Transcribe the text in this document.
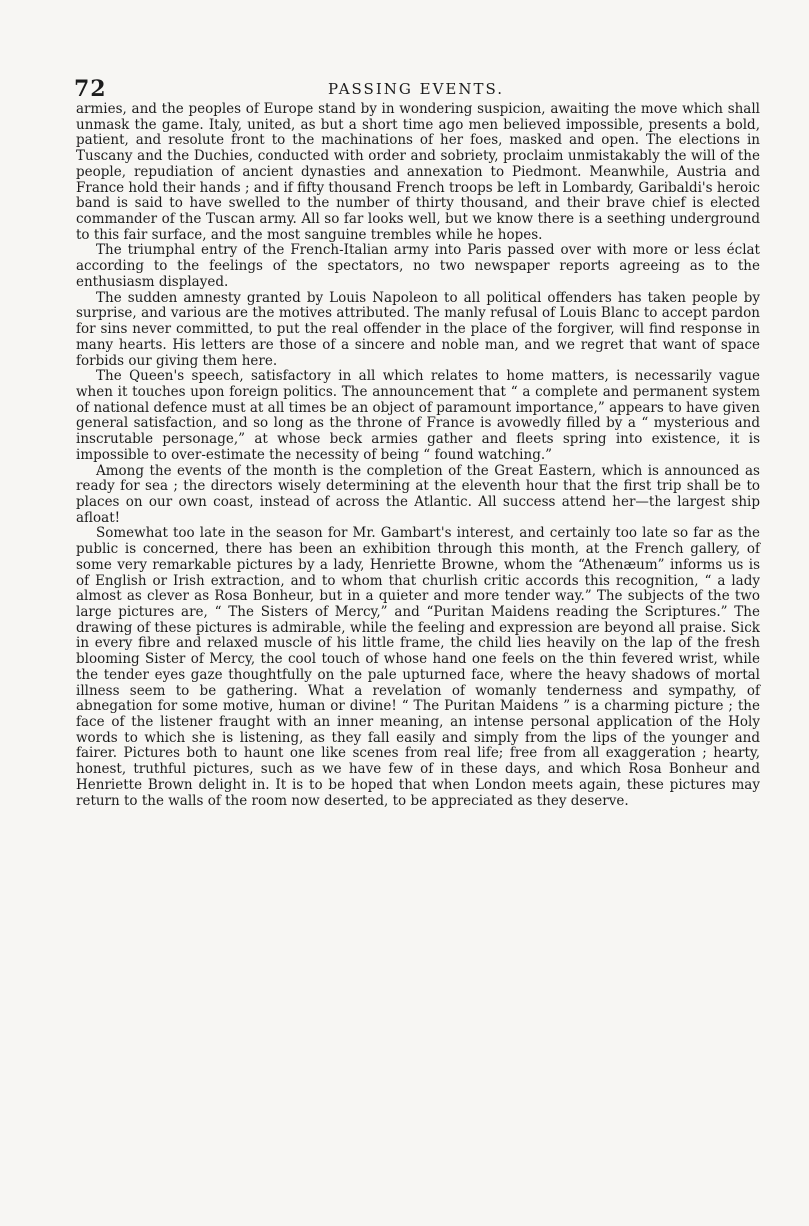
72	PASSING EVENTS.

armies, and the peoples of Europe stand by in wondering suspicion, awaiting the move which shall unmask the game. Italy, united, as but a short time ago men believed impossible, presents a bold, patient, and resolute front to the machinations of her foes, masked and open. The elections in Tuscany and the Duchies, conducted with order and sobriety, proclaim unmistakably the will of the people, repudiation of ancient dynasties and annexation to Piedmont. Meanwhile, Austria and France hold their hands ; and if fifty thousand French troops be left in Lombardy, Garibaldi's heroic band is said to have swelled to the number of thirty thousand, and their brave chief is elected commander of the Tuscan army. All so far looks well, but we know there is a seething underground to this fair surface, and the most sanguine trembles while he hopes.

The triumphal entry of the French-Italian army into Paris passed over with more or less éclat according to the feelings of the spectators, no two newspaper reports agreeing as to the enthusiasm displayed.

The sudden amnesty granted by Louis Napoleon to all political offenders has taken people by surprise, and various are the motives attributed. The manly refusal of Louis Blanc to accept pardon for sins never committed, to put the real offender in the place of the forgiver, will find response in many hearts. His letters are those of a sincere and noble man, and we regret that want of space forbids our giving them here.

The Queen's speech, satisfactory in all which relates to home matters, is necessarily vague when it touches upon foreign politics. The announcement that “ a complete and permanent system of national defence must at all times be an object of paramount importance,” appears to have given general satisfaction, and so long as the throne of France is avowedly filled by a “ mysterious and inscrutable personage,” at whose beck armies gather and fleets spring into existence, it is impossible to over-estimate the necessity of being “ found watching.”

Among the events of the month is the completion of the Great Eastern, which is announced as ready for sea ; the directors wisely determining at the eleventh hour that the first trip shall be to places on our own coast, instead of across the Atlantic. All success attend her—the largest ship afloat!

Somewhat too late in the season for Mr. Gambart's interest, and certainly too late so far as the public is concerned, there has been an exhibition through this month, at the French gallery, of some very remarkable pictures by a lady, Henriette Browne, whom the “Athenæum” informs us is of English or Irish extraction, and to whom that churlish critic accords this recognition, “ a lady almost as clever as Rosa Bonheur, but in a quieter and more tender way.” The subjects of the two large pictures are, “ The Sisters of Mercy,” and “Puritan Maidens reading the Scriptures.” The drawing of these pictures is admirable, while the feeling and expression are beyond all praise. Sick in every fibre and relaxed muscle of his little frame, the child lies heavily on the lap of the fresh blooming Sister of Mercy, the cool touch of whose hand one feels on the thin fevered wrist, while the tender eyes gaze thoughtfully on the pale upturned face, where the heavy shadows of mortal illness seem to be gathering. What a revelation of womanly tenderness and sympathy, of abnegation for some motive, human or divine! “ The Puritan Maidens ” is a charming picture ; the face of the listener fraught with an inner meaning, an intense personal application of the Holy words to which she is listening, as they fall easily and simply from the lips of the younger and fairer. Pictures both to haunt one like scenes from real life; free from all exaggeration ; hearty, honest, truthful pictures, such as we have few of in these days, and which Rosa Bonheur and Henriette Brown delight in. It is to be hoped that when London meets again, these pictures may return to the walls of the room now deserted, to be appreciated as they deserve.
